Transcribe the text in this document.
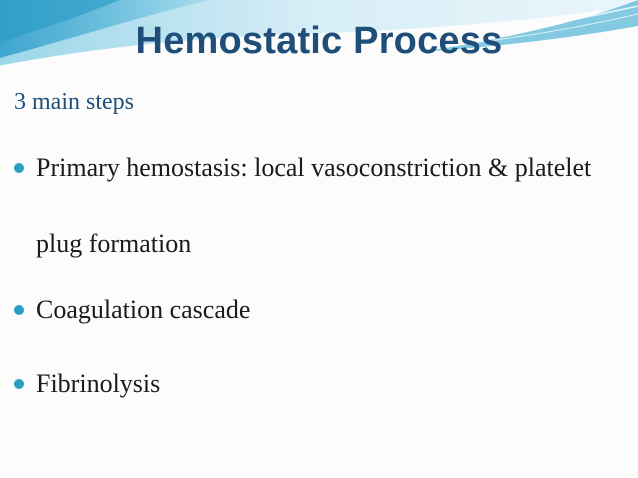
Hemostatic Process
3 main steps
Primary hemostasis: local vasoconstriction & platelet plug formation
Coagulation cascade
Fibrinolysis
